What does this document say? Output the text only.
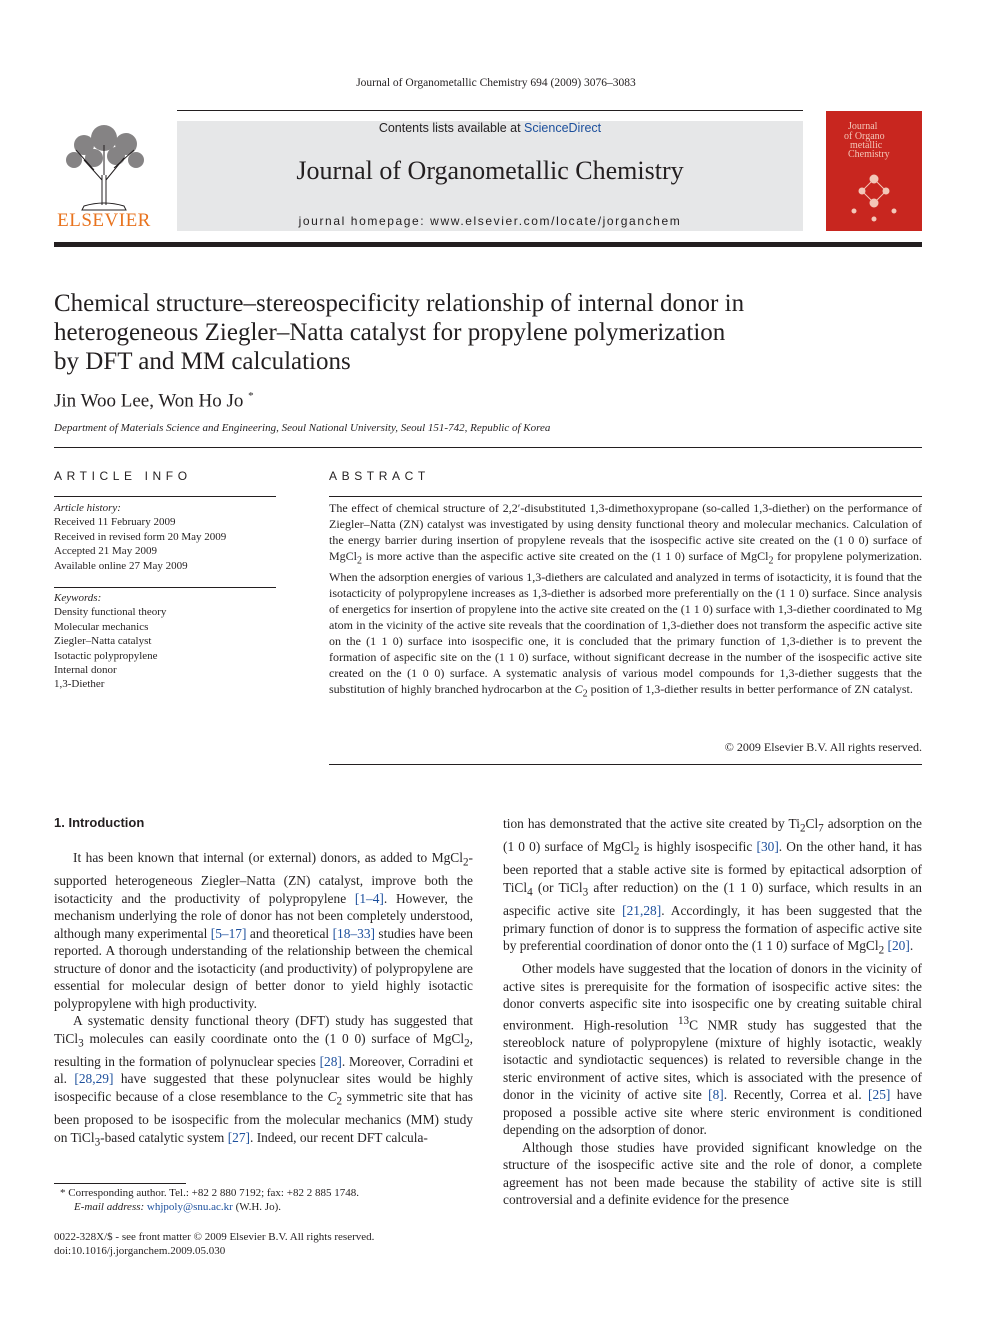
Journal of Organometallic Chemistry 694 (2009) 3076–3083
ELSEVIER
Contents lists available at ScienceDirect
Journal of Organometallic Chemistry
journal homepage: www.elsevier.com/locate/jorganchem
Journal
of Organo
metallic
Chemistry
Chemical structure–stereospecificity relationship of internal donor in
heterogeneous Ziegler–Natta catalyst for propylene polymerization
by DFT and MM calculations
Jin Woo Lee, Won Ho Jo *
Department of Materials Science and Engineering, Seoul National University, Seoul 151-742, Republic of Korea
ARTICLE INFO	ABSTRACT
Article history:
Received 11 February 2009
Received in revised form 20 May 2009
Accepted 21 May 2009
Available online 27 May 2009
Keywords:
Density functional theory
Molecular mechanics
Ziegler–Natta catalyst
Isotactic polypropylene
Internal donor
1,3-Diether
The effect of chemical structure of 2,2′-disubstituted 1,3-dimethoxypropane (so-called 1,3-diether) on the performance of Ziegler–Natta (ZN) catalyst was investigated by using density functional theory and molecular mechanics. Calculation of the energy barrier during insertion of propylene reveals that the isospecific active site created on the (1 0 0) surface of MgCl$_2$ is more active than the aspecific active site created on the (1 1 0) surface of MgCl$_2$ for propylene polymerization. When the adsorption energies of various 1,3-diethers are calculated and analyzed in terms of isotacticity, it is found that the isotacticity of polypropylene increases as 1,3-diether is adsorbed more preferentially on the (1 1 0) surface. Since analysis of energetics for insertion of propylene into the active site created on the (1 1 0) surface with 1,3-diether coordinated to Mg atom in the vicinity of the active site reveals that the coordination of 1,3-diether does not transform the aspecific active site on the (1 1 0) surface into isospecific one, it is concluded that the primary function of 1,3-diether is to prevent the formation of aspecific site on the (1 1 0) surface, without significant decrease in the number of the isospecific active site created on the (1 0 0) surface. A systematic analysis of various model compounds for 1,3-diether suggests that the substitution of highly branched hydrocarbon at the $C_2$ position of 1,3-diether results in better performance of ZN catalyst.
© 2009 Elsevier B.V. All rights reserved.
1. Introduction

It has been known that internal (or external) donors, as added to MgCl$_2$-supported heterogeneous Ziegler–Natta (ZN) catalyst, improve both the isotacticity and the productivity of polypropylene [1–4]. However, the mechanism underlying the role of donor has not been completely understood, although many experimental [5–17] and theoretical [18–33] studies have been reported. A thorough understanding of the relationship between the chemical structure of donor and the isotacticity (and productivity) of polypropylene are essential for molecular design of better donor to yield highly isotactic polypropylene with high productivity.

A systematic density functional theory (DFT) study has suggested that TiCl$_3$ molecules can easily coordinate onto the (1 0 0) surface of MgCl$_2$, resulting in the formation of polynuclear species [28]. Moreover, Corradini et al. [28,29] have suggested that these polynuclear sites would be highly isospecific because of a close resemblance to the $C_2$ symmetric site that has been proposed to be isospecific from the molecular mechanics (MM) study on TiCl$_3$-based catalytic system [27]. Indeed, our recent DFT calcula-

tion has demonstrated that the active site created by $Ti_2Cl_7$ adsorption on the (1 0 0) surface of MgCl$_2$ is highly isospecific [30]. On the other hand, it has been reported that a stable active site is formed by epitactical adsorption of TiCl$_4$ (or TiCl$_3$ after reduction) on the (1 1 0) surface, which results in an aspecific active site [21,28]. Accordingly, it has been suggested that the primary function of donor is to suppress the formation of aspecific active site by preferential coordination of donor onto the (1 1 0) surface of MgCl$_2$ [20].

Other models have suggested that the location of donors in the vicinity of active sites is prerequisite for the formation of isospecific active sites: the donor converts aspecific site into isospecific one by creating suitable chiral environment. High-resolution $^{13}$C NMR study has suggested that the stereoblock nature of polypropylene (mixture of highly isotactic, weakly isotactic and syndiotactic sequences) is related to reversible change in the steric environment of active sites, which is associated with the presence of donor in the vicinity of active site [8]. Recently, Correa et al. [25] have proposed a possible active site where steric environment is conditioned depending on the adsorption of donor.

Although those studies have provided significant knowledge on the structure of the isospecific active site and the role of donor, a complete agreement has not been made because the stability of active site is still controversial and a definite evidence for the presence

* Corresponding author. Tel.: +82 2 880 7192; fax: +82 2 885 1748.
E-mail address: whjpoly@snu.ac.kr (W.H. Jo).
0022-328X/$ - see front matter © 2009 Elsevier B.V. All rights reserved.
doi:10.1016/j.jorganchem.2009.05.030
